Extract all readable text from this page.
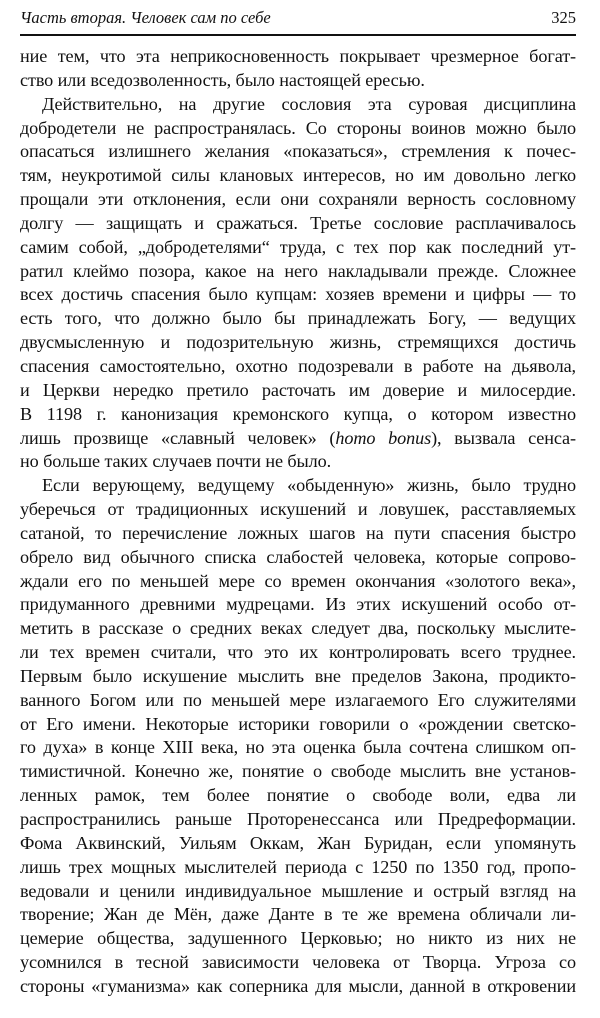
Часть вторая. Человек сам по себе	325
ние тем, что эта неприкосновенность покрывает чрезмерное богат-
ство или вседозволенность, было настоящей ересью.
Действительно, на другие сословия эта суровая дисциплина
добродетели не распространялась. Со стороны воинов можно было
опасаться излишнего желания «показаться», стремления к почес-
тям, неукротимой силы клановых интересов, но им довольно легко
прощали эти отклонения, если они сохраняли верность сословному
долгу — защищать и сражаться. Третье сословие расплачивалось
самим собой, „добродетелями“ труда, с тех пор как последний ут-
ратил клеймо позора, какое на него накладывали прежде. Сложнее
всех достичь спасения было купцам: хозяев времени и цифры — то
есть того, что должно было бы принадлежать Богу, — ведущих
двусмысленную и подозрительную жизнь, стремящихся достичь
спасения самостоятельно, охотно подозревали в работе на дьявола,
и Церкви нередко претило расточать им доверие и милосердие.
В 1198 г. канонизация кремонского купца, о котором известно
лишь прозвище «славный человек» (homo bonus), вызвала сенса-
но больше таких случаев почти не было.
Если верующему, ведущему «обыденную» жизнь, было трудно
уберечься от традиционных искушений и ловушек, расставляемых
сатаной, то перечисление ложных шагов на пути спасения быстро
обрело вид обычного списка слабостей человека, которые сопрово-
ждали его по меньшей мере со времен окончания «золотого века»,
придуманного древними мудрецами. Из этих искушений особо от-
метить в рассказе о средних веках следует два, поскольку мыслите-
ли тех времен считали, что это их контролировать всего труднее.
Первым было искушение мыслить вне пределов Закона, продикто-
ванного Богом или по меньшей мере излагаемого Его служителями
от Его имени. Некоторые историки говорили о «рождении светско-
го духа» в конце XIII века, но эта оценка была сочтена слишком оп-
тимистичной. Конечно же, понятие о свободе мыслить вне установ-
ленных рамок, тем более понятие о свободе воли, едва ли
распространились раньше Проторенессанса или Предреформации.
Фома Аквинский, Уильям Оккам, Жан Буридан, если упомянуть
лишь трех мощных мыслителей периода с 1250 по 1350 год, пропо-
ведовали и ценили индивидуальное мышление и острый взгляд на
творение; Жан де Мён, даже Данте в те же времена обличали ли-
цемерие общества, задушенного Церковью; но никто из них не
усомнился в тесной зависимости человека от Творца. Угроза со
стороны «гуманизма» как соперника для мысли, данной в откровении
